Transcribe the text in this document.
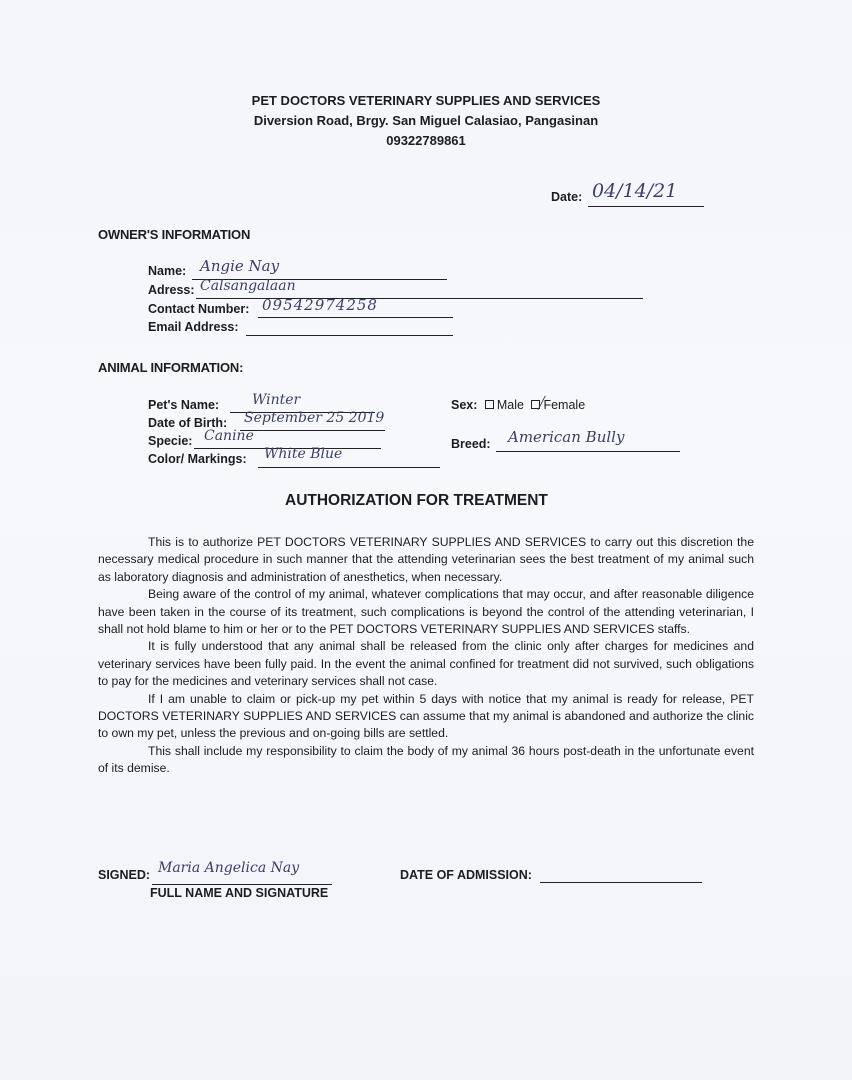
PET DOCTORS VETERINARY SUPPLIES AND SERVICES
Diversion Road, Brgy. San Miguel Calasiao, Pangasinan
09322789861
Date: 04/14/21
OWNER'S INFORMATION
Name: Angie Nay
Adress: Calsangalaan
Contact Number: 09542974258
Email Address:
ANIMAL INFORMATION:
Pet's Name: Winter
Date of Birth: September 25 2019
Specie: Canine
Color/ Markings: White Blue
Sex: Male Female
╱
Breed: American Bully
AUTHORIZATION FOR TREATMENT

This is to authorize PET DOCTORS VETERINARY SUPPLIES AND SERVICES to carry out this discretion the necessary medical procedure in such manner that the attending veterinarian sees the best treatment of my animal such as laboratory diagnosis and administration of anesthetics, when necessary.

Being aware of the control of my animal, whatever complications that may occur, and after reasonable diligence have been taken in the course of its treatment, such complications is beyond the control of the attending veterinarian, I shall not hold blame to him or her or to the PET DOCTORS VETERINARY SUPPLIES AND SERVICES staffs.

It is fully understood that any animal shall be released from the clinic only after charges for medicines and veterinary services have been fully paid. In the event the animal confined for treatment did not survived, such obligations to pay for the medicines and veterinary services shall not case.

If I am unable to claim or pick-up my pet within 5 days with notice that my animal is ready for release, PET DOCTORS VETERINARY SUPPLIES AND SERVICES can assume that my animal is abandoned and authorize the clinic to own my pet, unless the previous and on-going bills are settled.

This shall include my responsibility to claim the body of my animal 36 hours post-death in the unfortunate event of its demise.

SIGNED: Maria Angelica Nay
FULL NAME AND SIGNATURE
DATE OF ADMISSION:
